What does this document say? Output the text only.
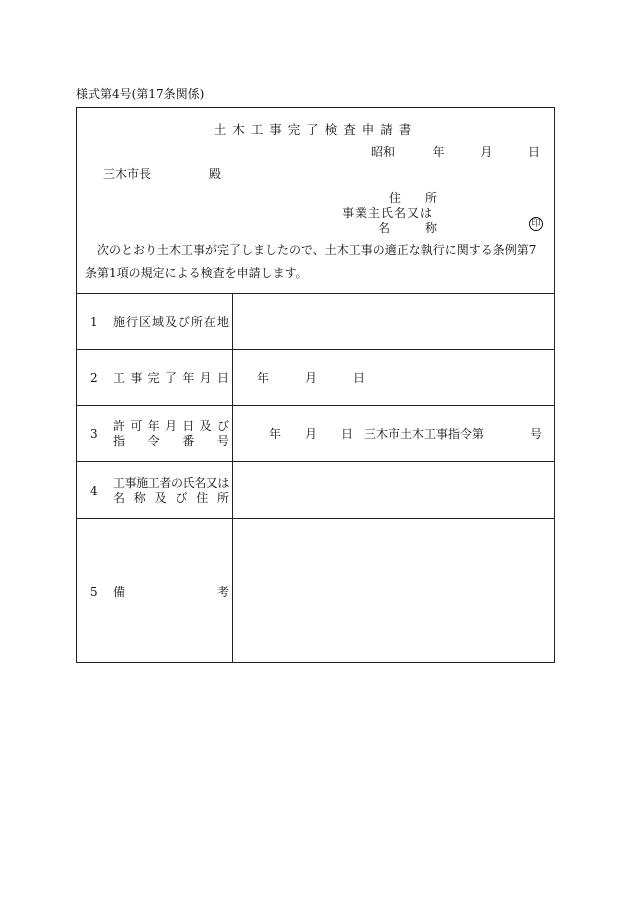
様式第4号(第17条関係)
土木工事完了検査申請書
昭和	年	月	日
三木市長	殿
住 所
事業主氏名又は
名	称	印
次のとおり土木工事が完了しましたので、土木工事の適正な執行に関する条例第7条第1項の規定による検査を申請します。
1 施 行 区 域 及 び 所 在 地
2 工 事 完 了 年 月 日 年	月	日
3
許 可 年 月 日 及 び
指 令 番 号	年 月 日 三木市土木工事指令第	号
4
工事施工者の氏名又は
名 称 及 び 住 所
5 備	考
